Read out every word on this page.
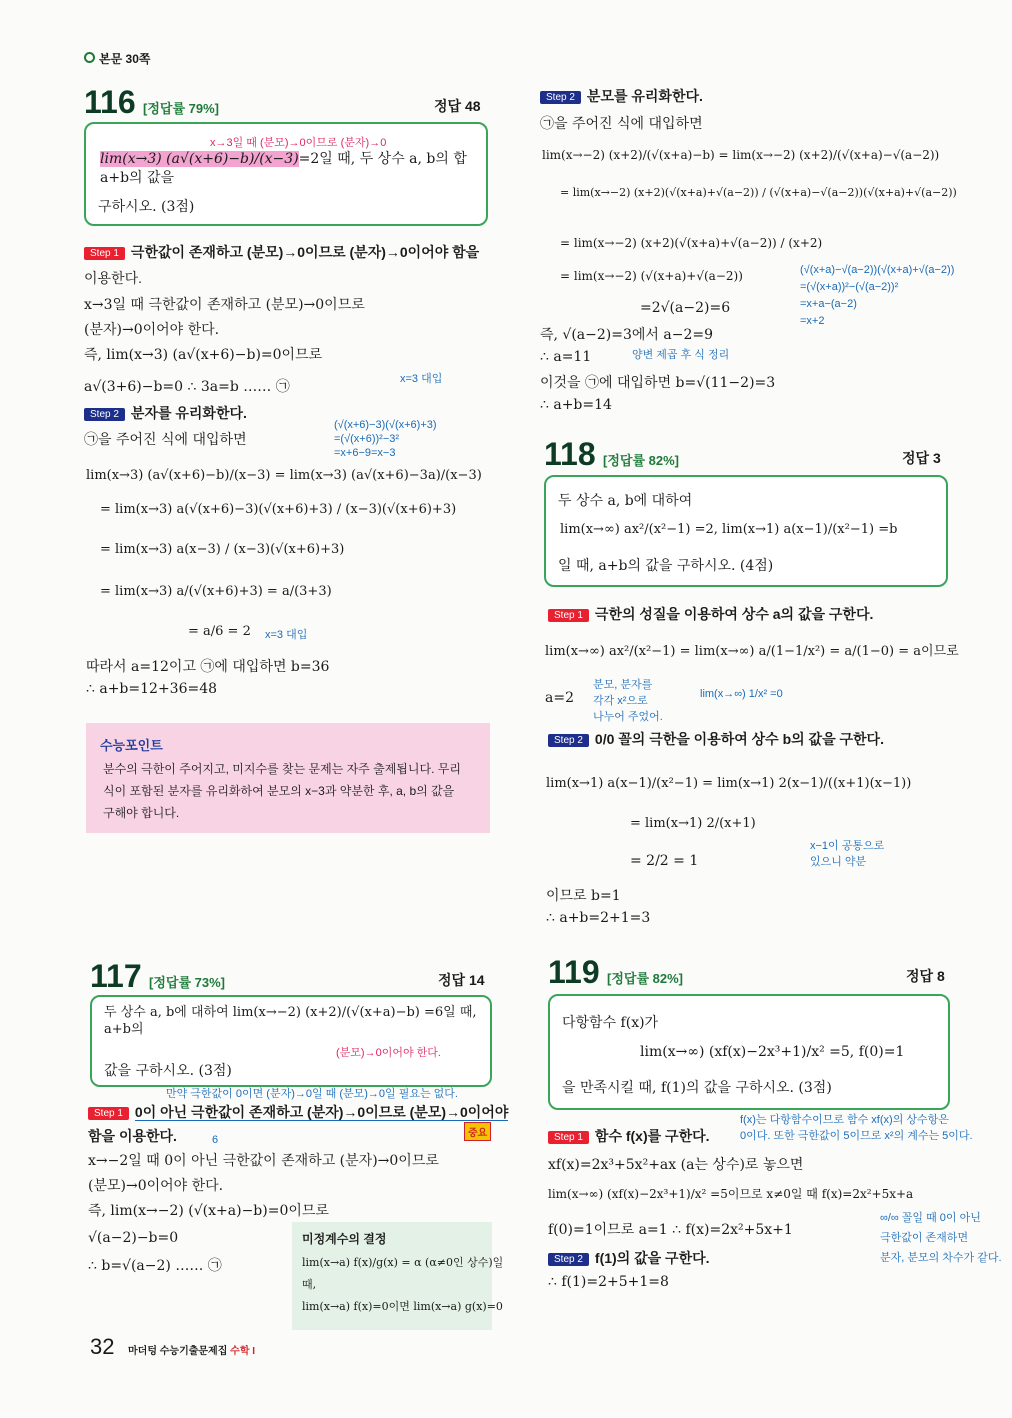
본문 30쪽
116 [정답률 79%]	정답 48
x→3일 때 (분모)→0이므로 (분자)→0
lim(x→3) (a√(x+6)−b)/(x−3)=2일 때, 두 상수 a, b의 합 a+b의 값을
구하시오. (3점)
Step 1 극한값이 존재하고 (분모)→0이므로 (분자)→0이어야 함을
이용한다.
x→3일 때 극한값이 존재하고 (분모)→0이므로
(분자)→0이어야 한다.
즉, lim(x→3) (a√(x+6)−b)=0이므로
a√(3+6)−b=0 ∴ 3a=b …… ㉠	x=3 대입
Step 2 분자를 유리화한다.
㉠을 주어진 식에 대입하면
lim(x→3) (a√(x+6)−b)/(x−3) = lim(x→3) (a√(x+6)−3a)/(x−3)
= lim(x→3) a(√(x+6)−3)(√(x+6)+3) / (x−3)(√(x+6)+3)
= lim(x→3) a(x−3) / (x−3)(√(x+6)+3)
= lim(x→3) a/(√(x+6)+3) = a/(3+3)
= a/6 = 2 x=3 대입
(√(x+6)−3)(√(x+6)+3)
=(√(x+6))²−3²
=x+6−9=x−3
따라서 a=12이고 ㉠에 대입하면 b=36
∴ a+b=12+36=48
수능포인트
분수의 극한이 주어지고, 미지수를 찾는 문제는 자주 출제됩니다. 무리
식이 포함된 분자를 유리화하여 분모의 x−3과 약분한 후, a, b의 값을
구해야 합니다.
117 [정답률 73%]	정답 14
두 상수 a, b에 대하여 lim(x→−2) (x+2)/(√(x+a)−b) =6일 때, a+b의
값을 구하시오. (3점)
(분모)→0이어야 한다.
만약 극한값이 0이면 (분자)→0일 때 (분모)→0일 필요는 없다.
Step 1 0이 아닌 극한값이 존재하고 (분자)→0이므로 (분모)→0이어야
함을 이용한다.	중요
6
x→−2일 때 0이 아닌 극한값이 존재하고 (분자)→0이므로
(분모)→0이어야 한다.
즉, lim(x→−2) (√(x+a)−b)=0이므로
√(a−2)−b=0
∴ b=√(a−2) …… ㉠
미정계수의 결정
lim(x→a) f(x)/g(x) = α (α≠0인 상수)일
때,
lim(x→a) f(x)=0이면 lim(x→a) g(x)=0
32 마더텅 수능기출문제집 수학 I
Step 2 분모를 유리화한다.
㉠을 주어진 식에 대입하면
lim(x→−2) (x+2)/(√(x+a)−b) = lim(x→−2) (x+2)/(√(x+a)−√(a−2))
= lim(x→−2) (x+2)(√(x+a)+√(a−2)) / (√(x+a)−√(a−2))(√(x+a)+√(a−2))
= lim(x→−2) (x+2)(√(x+a)+√(a−2)) / (x+2)
= lim(x→−2) (√(x+a)+√(a−2))
=2√(a−2)=6
즉, √(a−2)=3에서 a−2=9
∴ a=11	양변 제곱 후 식 정리
이것을 ㉠에 대입하면 b=√(11−2)=3
∴ a+b=14
(√(x+a)−√(a−2))(√(x+a)+√(a−2))
=(√(x+a))²−(√(a−2))²
=x+a−(a−2)
=x+2
118 [정답률 82%]	정답 3
두 상수 a, b에 대하여
lim(x→∞) ax²/(x²−1) =2, lim(x→1) a(x−1)/(x²−1) =b
일 때, a+b의 값을 구하시오. (4점)
Step 1 극한의 성질을 이용하여 상수 a의 값을 구한다.
lim(x→∞) ax²/(x²−1) = lim(x→∞) a/(1−1/x²) = a/(1−0) = a이므로
a=2
분모, 분자를
각각 x²으로
나누어 주었어.
lim(x→∞) 1/x² =0
Step 2 0/0 꼴의 극한을 이용하여 상수 b의 값을 구한다.
lim(x→1) a(x−1)/(x²−1) = lim(x→1) 2(x−1)/((x+1)(x−1))
= lim(x→1) 2/(x+1)
= 2/2 = 1
이므로 b=1
∴ a+b=2+1=3
x−1이 공통으로
있으니 약분
119 [정답률 82%]	정답 8
다항함수 f(x)가
lim(x→∞) (xf(x)−2x³+1)/x² =5, f(0)=1
을 만족시킬 때, f(1)의 값을 구하시오. (3점)
Step 1 함수 f(x)를 구한다.
f(x)는 다항함수이므로 함수 xf(x)의 상수항은
0이다. 또한 극한값이 5이므로 x²의 계수는 5이다.
xf(x)=2x³+5x²+ax (a는 상수)로 놓으면
lim(x→∞) (xf(x)−2x³+1)/x² =5이므로 x≠0일 때 f(x)=2x²+5x+a
f(0)=1이므로 a=1 ∴ f(x)=2x²+5x+1
∞/∞ 꼴일 때 0이 아닌
극한값이 존재하면
분자, 분모의 차수가 같다.
Step 2 f(1)의 값을 구한다.
∴ f(1)=2+5+1=8
